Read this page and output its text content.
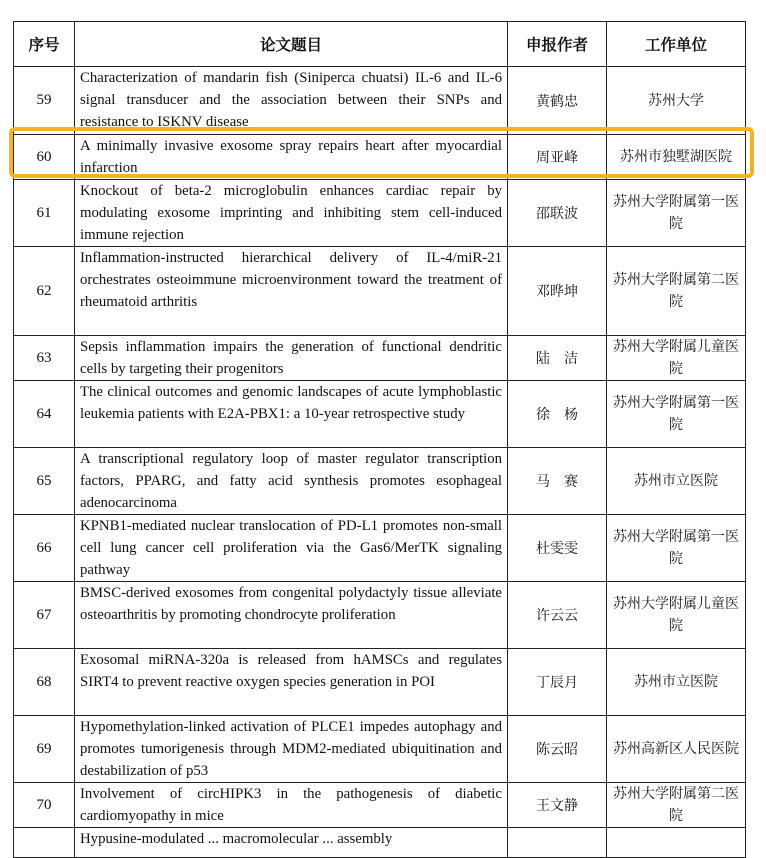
序号	论文题目	申报作者	工作单位
59	Characterization of mandarin fish (Siniperca chuatsi) IL-6 and IL-6 signal transducer and the association between their SNPs and resistance to ISKNV disease	黄鹤忠	苏州大学
60	A minimally invasive exosome spray repairs heart after myocardial infarction	周亚峰	苏州市独墅湖医院
61	Knockout of beta-2 microglobulin enhances cardiac repair by modulating exosome imprinting and inhibiting stem cell-induced immune rejection	邵联波	苏州大学附属第一医院
62	Inflammation-instructed hierarchical delivery of IL-4/miR-21 orchestrates osteoimmune microenvironment toward the treatment of rheumatoid arthritis	邓晔坤	苏州大学附属第二医院
63	Sepsis inflammation impairs the generation of functional dendritic cells by targeting their progenitors	陆洁	苏州大学附属儿童医院
64	The clinical outcomes and genomic landscapes of acute lymphoblastic leukemia patients with E2A-PBX1: a 10-year retrospective study	徐杨	苏州大学附属第一医院
65	A transcriptional regulatory loop of master regulator transcription factors, PPARG, and fatty acid synthesis promotes esophageal adenocarcinoma	马赛	苏州市立医院
66	KPNB1-mediated nuclear translocation of PD-L1 promotes non-small cell lung cancer cell proliferation via the Gas6/MerTK signaling pathway	杜雯雯	苏州大学附属第一医院
67	BMSC-derived exosomes from congenital polydactyly tissue alleviate osteoarthritis by promoting chondrocyte proliferation	许云云	苏州大学附属儿童医院
68	Exosomal miRNA-320a is released from hAMSCs and regulates SIRT4 to prevent reactive oxygen species generation in POI	丁辰月	苏州市立医院
69	Hypomethylation-linked activation of PLCE1 impedes autophagy and promotes tumorigenesis through MDM2-mediated ubiquitination and destabilization of p53	陈云昭	苏州高新区人民医院
70	Involvement of circHIPK3 in the pathogenesis of diabetic cardiomyopathy in mice	王文静	苏州大学附属第二医院

	Hypusine-modulated ... macromolecular ... assembly		
